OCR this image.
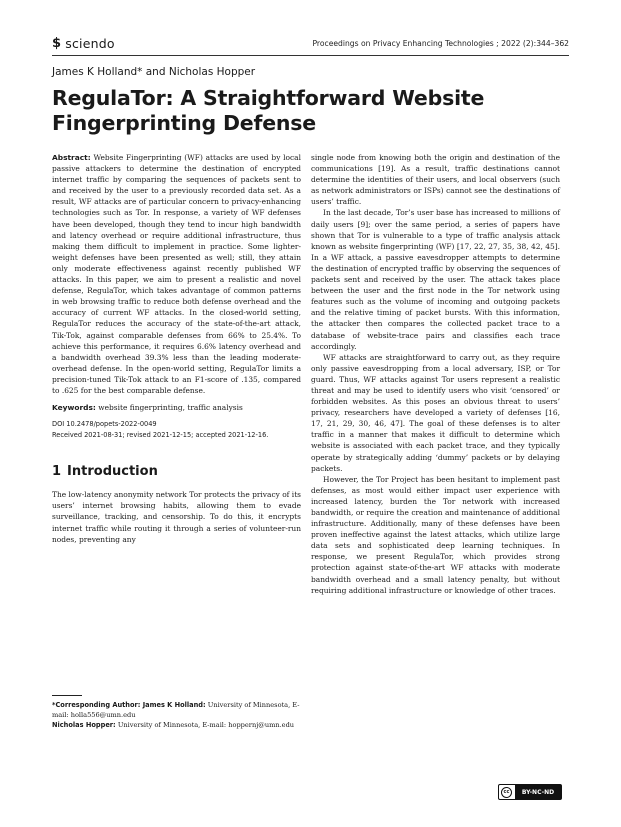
$ sciendo	Proceedings on Privacy Enhancing Technologies ; 2022 (2):344–362
James K Holland* and Nicholas Hopper
RegulaTor: A Straightforward Website Fingerprinting Defense

Abstract: Website Fingerprinting (WF) attacks are used by local passive attackers to determine the destination of encrypted internet traffic by comparing the sequences of packets sent to and received by the user to a previously recorded data set. As a result, WF attacks are of particular concern to privacy-enhancing technologies such as Tor. In response, a variety of WF defenses have been developed, though they tend to incur high bandwidth and latency overhead or require additional infrastructure, thus making them difficult to implement in practice. Some lighter-weight defenses have been presented as well; still, they attain only moderate effectiveness against recently published WF attacks. In this paper, we aim to present a realistic and novel defense, RegulaTor, which takes advantage of common patterns in web browsing traffic to reduce both defense overhead and the accuracy of current WF attacks. In the closed-world setting, RegulaTor reduces the accuracy of the state-of-the-art attack, Tik-Tok, against comparable defenses from 66% to 25.4%. To achieve this performance, it requires 6.6% latency overhead and a bandwidth overhead 39.3% less than the leading moderate-overhead defense. In the open-world setting, RegulaTor limits a precision-tuned Tik-Tok attack to an F1-score of .135, compared to .625 for the best comparable defense.

Keywords: website fingerprinting, traffic analysis

DOI 10.2478/popets-2022-0049
Received 2021-08-31; revised 2021-12-15; accepted 2021-12-16.
1 Introduction

The low-latency anonymity network Tor protects the privacy of its users’ internet browsing habits, allowing them to evade surveillance, tracking, and censorship. To do this, it encrypts internet traffic while routing it through a series of volunteer-run nodes, preventing any

single node from knowing both the origin and destination of the communications [19]. As a result, traffic destinations cannot determine the identities of their users, and local observers (such as network administrators or ISPs) cannot see the destinations of users’ traffic.

In the last decade, Tor’s user base has increased to millions of daily users [9]; over the same period, a series of papers have shown that Tor is vulnerable to a type of traffic analysis attack known as website fingerprinting (WF) [17, 22, 27, 35, 38, 42, 45]. In a WF attack, a passive eavesdropper attempts to determine the destination of encrypted traffic by observing the sequences of packets sent and received by the user. The attack takes place between the user and the first node in the Tor network using features such as the volume of incoming and outgoing packets and the relative timing of packet bursts. With this information, the attacker then compares the collected packet trace to a database of website-trace pairs and classifies each trace accordingly.

WF attacks are straightforward to carry out, as they require only passive eavesdropping from a local adversary, ISP, or Tor guard. Thus, WF attacks against Tor users represent a realistic threat and may be used to identify users who visit ‘censored’ or forbidden websites. As this poses an obvious threat to users’ privacy, researchers have developed a variety of defenses [16, 17, 21, 29, 30, 46, 47]. The goal of these defenses is to alter traffic in a manner that makes it difficult to determine which website is associated with each packet trace, and they typically operate by strategically adding ‘dummy’ packets or by delaying packets.

However, the Tor Project has been hesitant to implement past defenses, as most would either impact user experience with increased latency, burden the Tor network with increased bandwidth, or require the creation and maintenance of additional infrastructure. Additionally, many of these defenses have been proven ineffective against the latest attacks, which utilize large data sets and sophisticated deep learning techniques. In response, we present RegulaTor, which provides strong protection against state-of-the-art WF attacks with moderate bandwidth overhead and a small latency penalty, but without requiring additional infrastructure or knowledge of other traces.

*Corresponding Author: James K Holland: University of Minnesota, E-mail: holla556@umn.edu
Nicholas Hopper: University of Minnesota, E-mail: hoppernj@umn.edu
cc	BY-NC-ND
